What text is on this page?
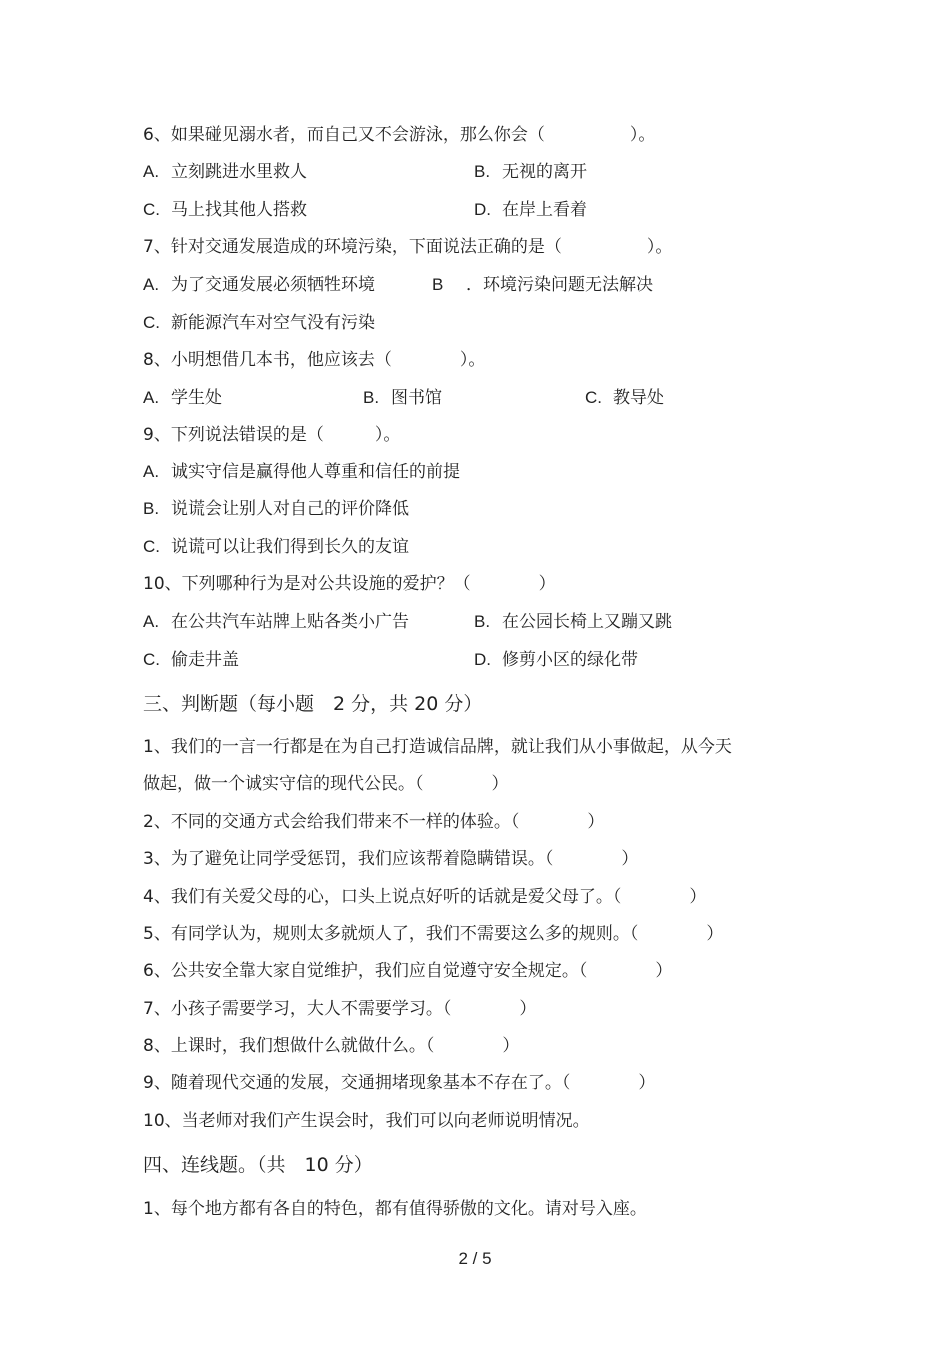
6、如果碰见溺水者，而自己又不会游泳，那么你会（　　　　　）。
A. 立刻跳进水里救人	B. 无视的离开
C. 马上找其他人搭救	D. 在岸上看着
7、针对交通发展造成的环境污染，下面说法正确的是（　　　　　）。
A. 为了交通发展必须牺牲环境	B ．环境污染问题无法解决
C. 新能源汽车对空气没有污染
8、小明想借几本书，他应该去（　　　　）。
A. 学生处	B. 图书馆	C. 教导处
9、下列说法错误的是（　　　）。
A. 诚实守信是赢得他人尊重和信任的前提
B. 说谎会让别人对自己的评价降低
C. 说谎可以让我们得到长久的友谊
10、下列哪种行为是对公共设施的爱护？（　　　　）
A. 在公共汽车站牌上贴各类小广告	B. 在公园长椅上又蹦又跳
C. 偷走井盖	D. 修剪小区的绿化带
三、判断题（每小题　2 分，共 20 分）
1、我们的一言一行都是在为自己打造诚信品牌，就让我们从小事做起，从今天
做起，做一个诚实守信的现代公民。（　　　　）
2、不同的交通方式会给我们带来不一样的体验。（　　　　）
3、为了避免让同学受惩罚，我们应该帮着隐瞒错误。（　　　　）
4、我们有关爱父母的心，口头上说点好听的话就是爱父母了。（　　　　）
5、有同学认为，规则太多就烦人了，我们不需要这么多的规则。（　　　　）
6、公共安全靠大家自觉维护，我们应自觉遵守安全规定。（　　　　）
7、小孩子需要学习，大人不需要学习。（　　　　）
8、上课时，我们想做什么就做什么。（　　　　）
9、随着现代交通的发展，交通拥堵现象基本不存在了。（　　　　）
10、当老师对我们产生误会时，我们可以向老师说明情况。
四、连线题。（共　10 分）
1、每个地方都有各自的特色，都有值得骄傲的文化。请对号入座。
2 / 5
